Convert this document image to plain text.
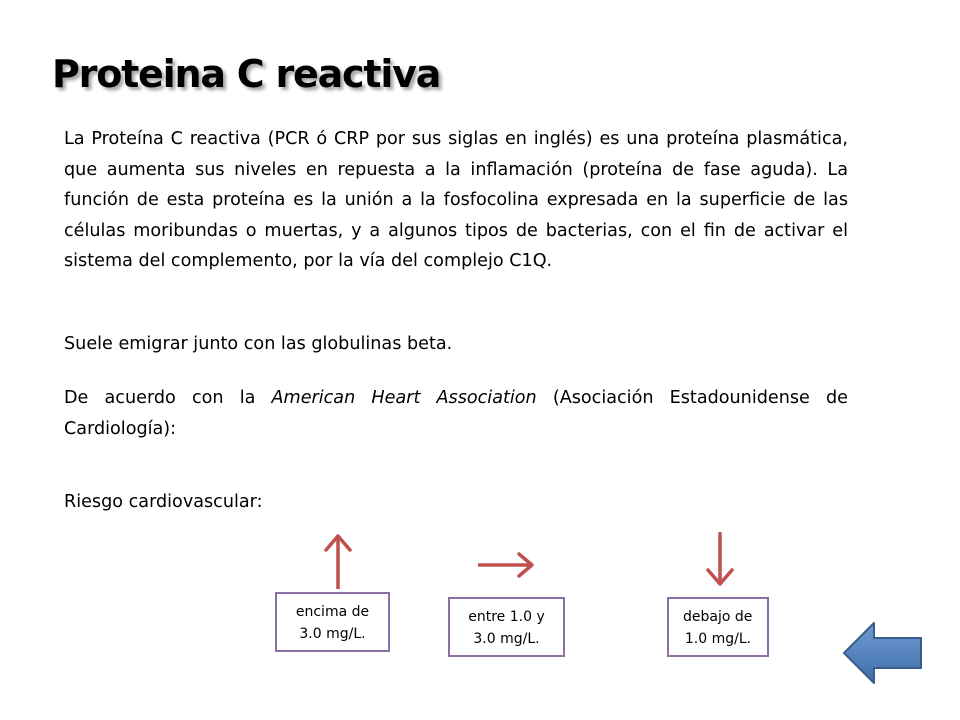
Proteina C reactiva

La Proteína C reactiva (PCR ó CRP por sus siglas en inglés) es una proteína plasmática, que aumenta sus niveles en repuesta a la inflamación (proteína de fase aguda). La función de esta proteína es la unión a la fosfocolina expresada en la superficie de las células moribundas o muertas, y a algunos tipos de bacterias, con el fin de activar el sistema del complemento, por la vía del complejo C1Q.

Suele emigrar junto con las globulinas beta.

De acuerdo con la American Heart Association (Asociación Estadounidense de Cardiología):

Riesgo cardiovascular:

encima de
3.0 mg/L.
entre 1.0 y
3.0 mg/L.
debajo de
1.0 mg/L.
